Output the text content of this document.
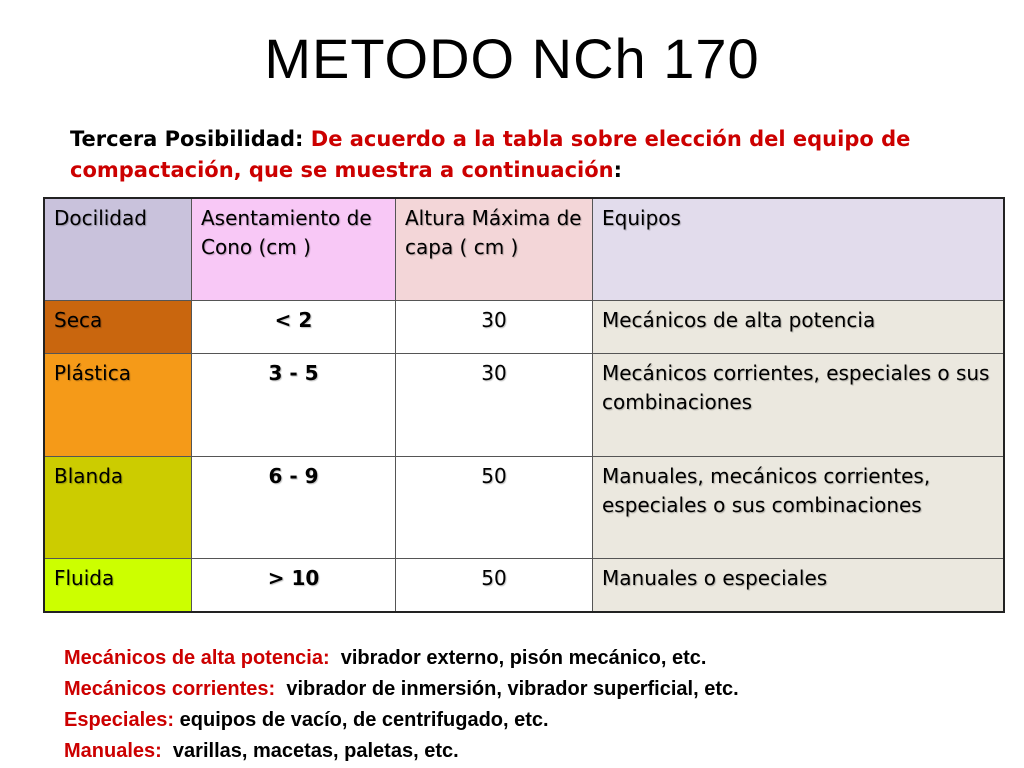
METODO NCh 170
Tercera Posibilidad: De acuerdo a la tabla sobre elección del equipo de compactación, que se muestra a continuación:
Docilidad	Asentamiento de Cono (cm )	Altura Máxima de capa ( cm )	Equipos
Seca	< 2	30	Mecánicos de alta potencia
Plástica	3 - 5	30	Mecánicos corrientes, especiales o sus combinaciones
Blanda	6 - 9	50	Manuales, mecánicos corrientes, especiales o sus combinaciones
Fluida	> 10	50	Manuales o especiales
Mecánicos de alta potencia:  vibrador externo, pisón mecánico, etc.
Mecánicos corrientes:  vibrador de inmersión, vibrador superficial, etc.
Especiales: equipos de vacío, de centrifugado, etc.
Manuales:  varillas, macetas, paletas, etc.
